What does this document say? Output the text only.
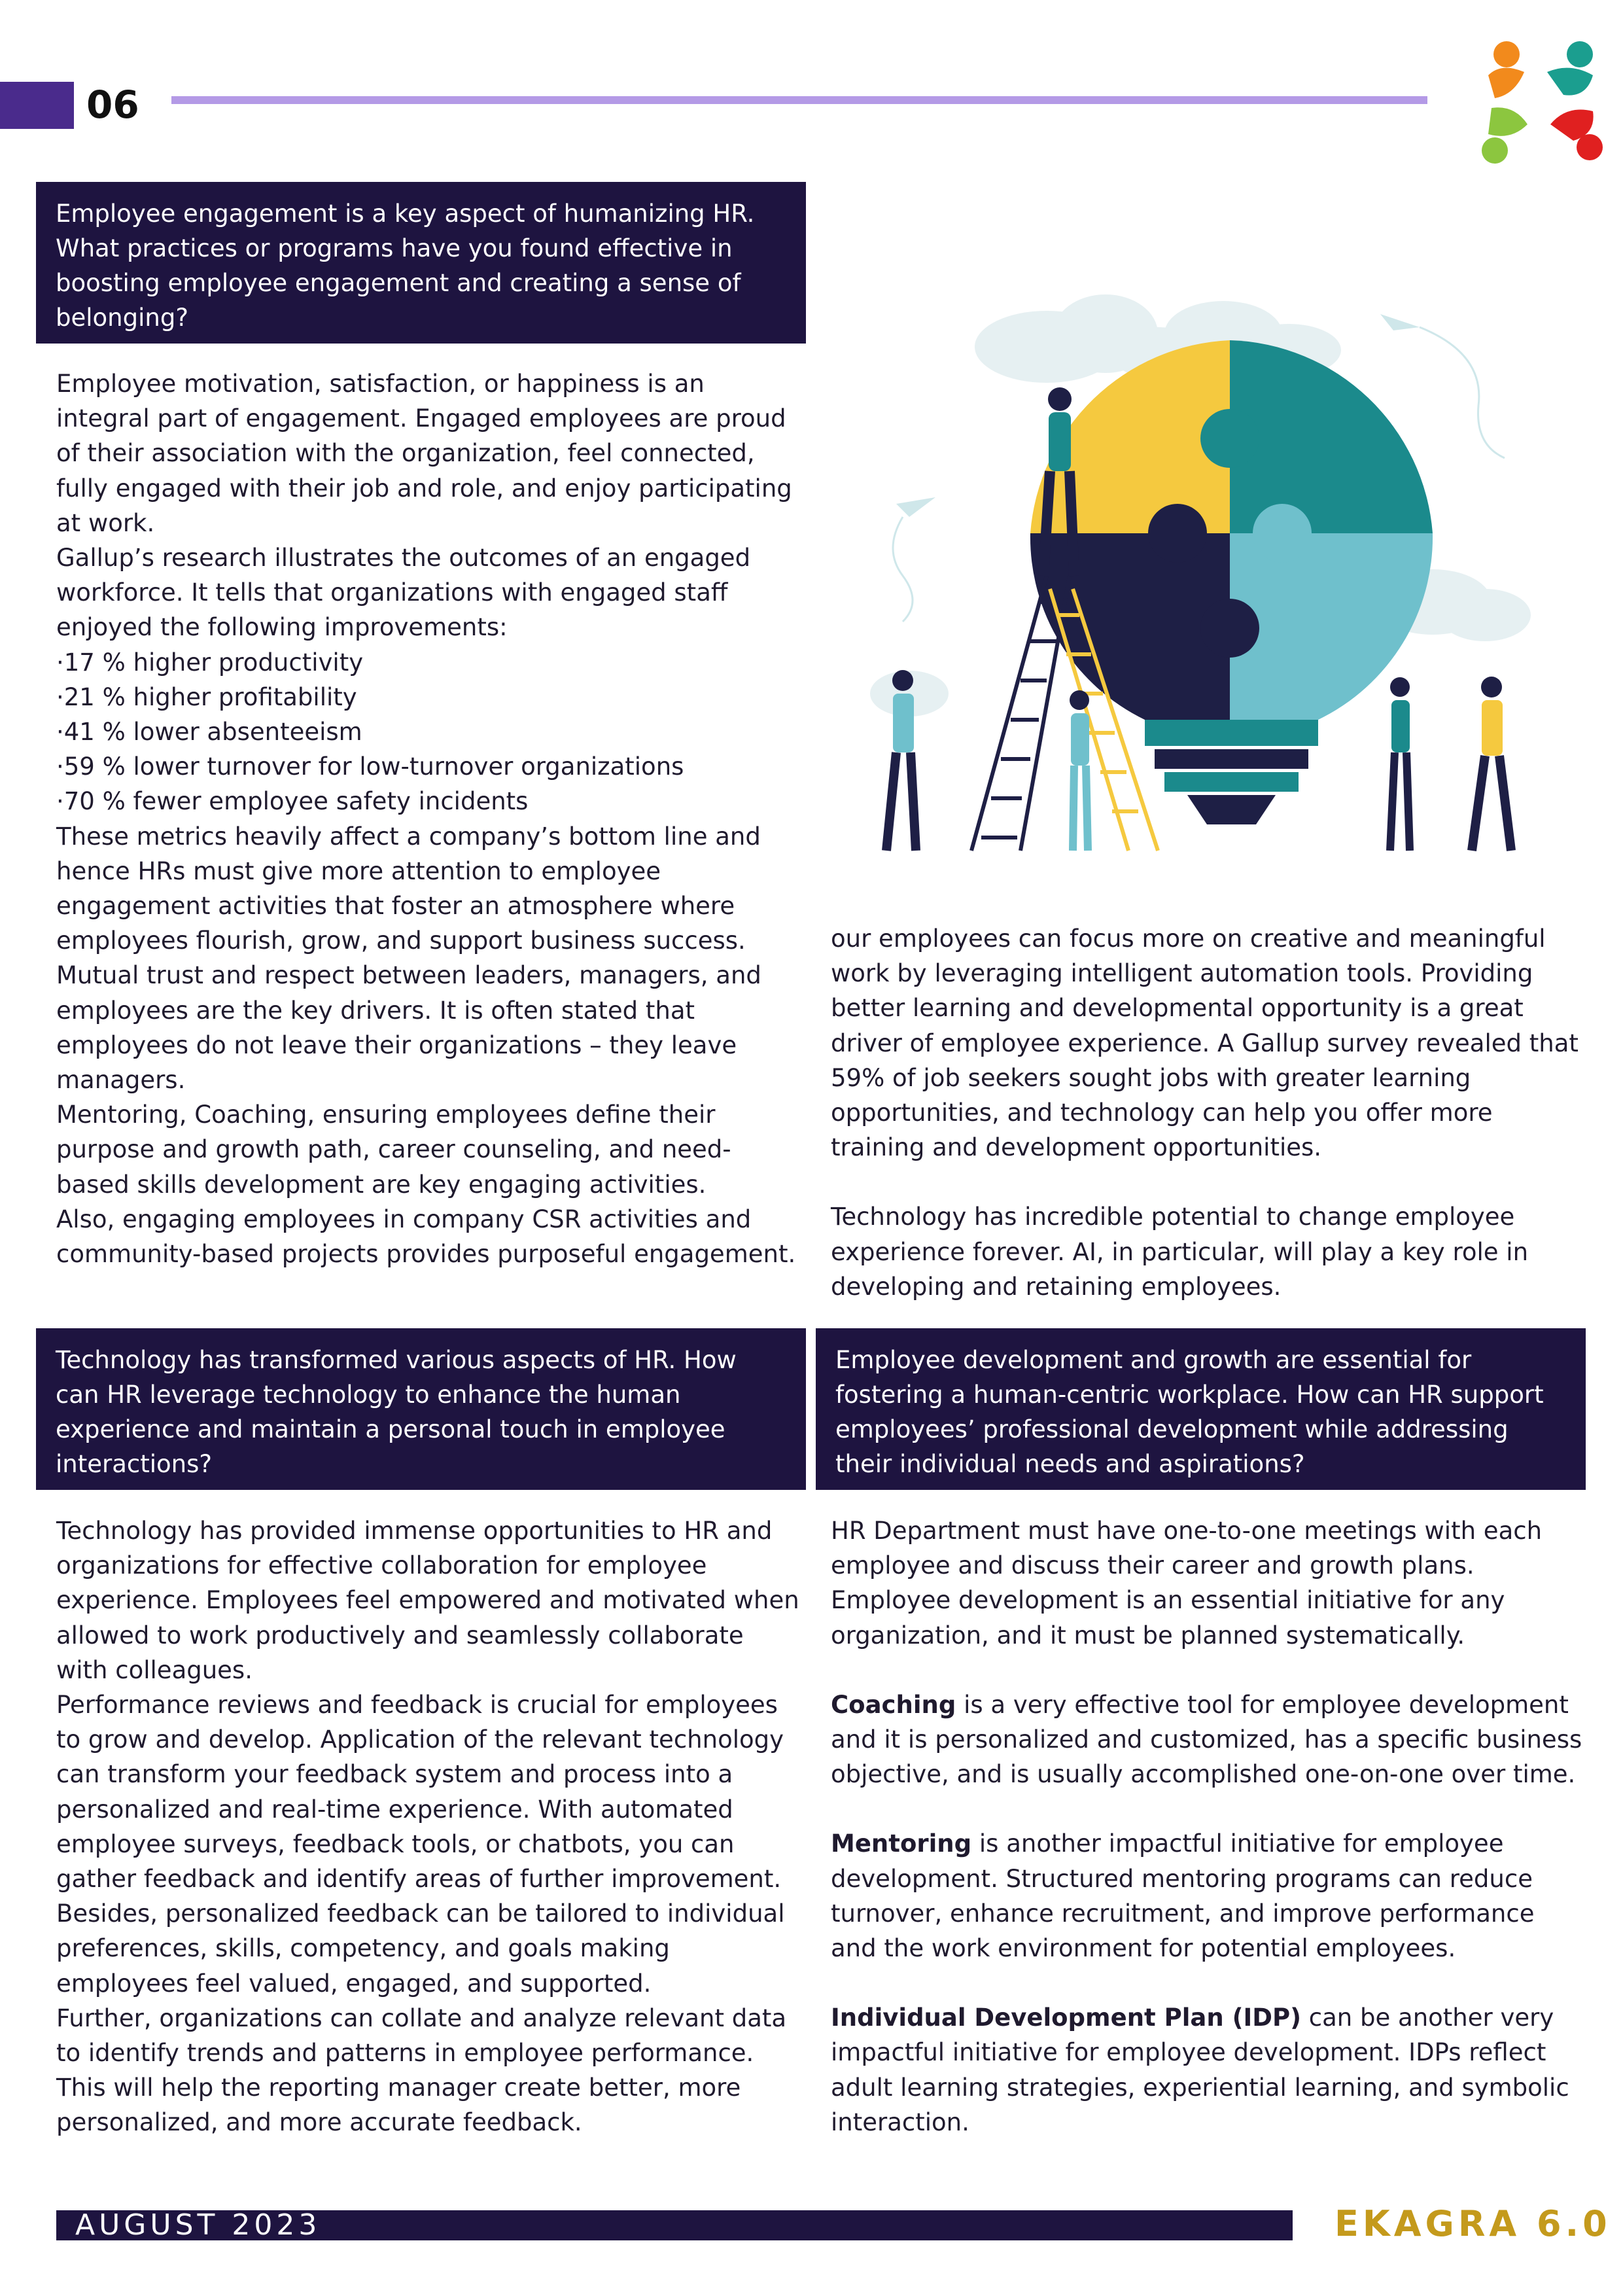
06
Employee engagement is a key aspect of humanizing HR. What practices or programs have you found effective in boosting employee engagement and creating a sense of belonging?

Employee motivation, satisfaction, or happiness is an integral part of engagement. Engaged employees are proud of their association with the organization, feel connected, fully engaged with their job and role, and enjoy participating at work.

Gallup’s research illustrates the outcomes of an engaged workforce. It tells that organizations with engaged staff enjoyed the following improvements:

·17 % higher productivity

·21 % higher profitability

·41 % lower absenteeism

·59 % lower turnover for low-turnover organizations

·70 % fewer employee safety incidents

These metrics heavily affect a company’s bottom line and hence HRs must give more attention to employee engagement activities that foster an atmosphere where employees flourish, grow, and support business success.

Mutual trust and respect between leaders, managers, and employees are the key drivers. It is often stated that employees do not leave their organizations – they leave managers.

Mentoring, Coaching, ensuring employees define their purpose and growth path, career counseling, and need-based skills development are key engaging activities.

Also, engaging employees in company CSR activities and community-based projects provides purposeful engagement.

our employees can focus more on creative and meaningful work by leveraging intelligent automation tools. Providing better learning and developmental opportunity is a great driver of employee experience. A Gallup survey revealed that 59% of job seekers sought jobs with greater learning opportunities, and technology can help you offer more training and development opportunities.

Technology has incredible potential to change employee experience forever. AI, in particular, will play a key role in developing and retaining employees.

Technology has transformed various aspects of HR. How can HR leverage technology to enhance the human experience and maintain a personal touch in employee interactions?
Employee development and growth are essential for fostering a human-centric workplace. How can HR support employees’ professional development while addressing their individual needs and aspirations?

Technology has provided immense opportunities to HR and organizations for effective collaboration for employee experience. Employees feel empowered and motivated when allowed to work productively and seamlessly collaborate with colleagues.

Performance reviews and feedback is crucial for employees to grow and develop. Application of the relevant technology can transform your feedback system and process into a personalized and real-time experience. With automated employee surveys, feedback tools, or chatbots, you can gather feedback and identify areas of further improvement. Besides, personalized feedback can be tailored to individual preferences, skills, competency, and goals making employees feel valued, engaged, and supported.

Further, organizations can collate and analyze relevant data to identify trends and patterns in employee performance. This will help the reporting manager create better, more personalized, and more accurate feedback.

HR Department must have one-to-one meetings with each employee and discuss their career and growth plans. Employee development is an essential initiative for any organization, and it must be planned systematically.

Coaching is a very effective tool for employee development and it is personalized and customized, has a specific business objective, and is usually accomplished one-on-one over time.

Mentoring is another impactful initiative for employee development. Structured mentoring programs can reduce turnover, enhance recruitment, and improve performance and the work environment for potential employees.

Individual Development Plan (IDP) can be another very impactful initiative for employee development. IDPs reflect adult learning strategies, experiential learning, and symbolic interaction.

AUGUST 2023	EKAGRA 6.0
